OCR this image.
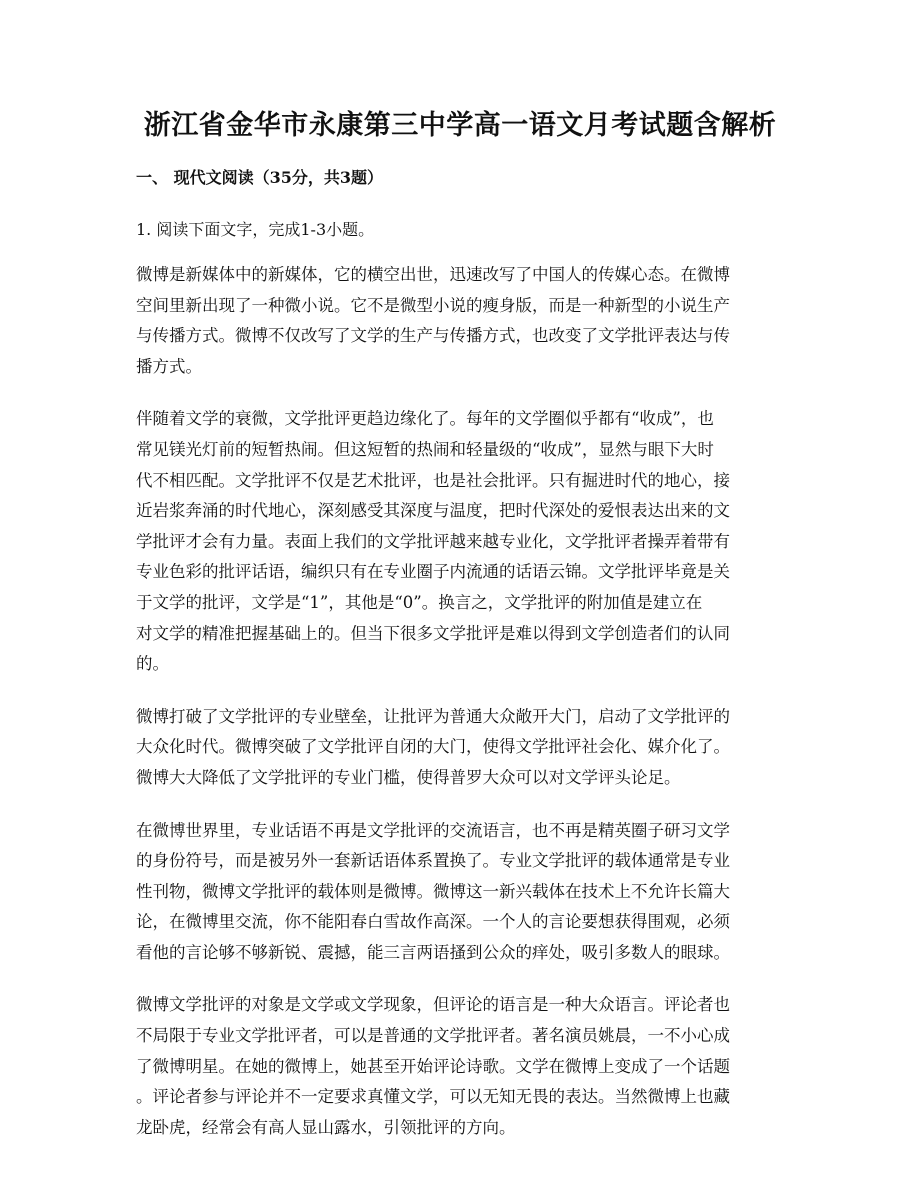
浙江省金华市永康第三中学高一语文月考试题含解析
一、 现代文阅读（35分，共3题）
1. 阅读下面文字，完成1-3小题。
微博是新媒体中的新媒体，它的横空出世，迅速改写了中国人的传媒心态。在微博
空间里新出现了一种微小说。它不是微型小说的瘦身版，而是一种新型的小说生产
与传播方式。微博不仅改写了文学的生产与传播方式，也改变了文学批评表达与传
播方式。
伴随着文学的衰微，文学批评更趋边缘化了。每年的文学圈似乎都有“收成”，也
常见镁光灯前的短暂热闹。但这短暂的热闹和轻量级的“收成”，显然与眼下大时
代不相匹配。文学批评不仅是艺术批评，也是社会批评。只有掘进时代的地心，接
近岩浆奔涌的时代地心，深刻感受其深度与温度，把时代深处的爱恨表达出来的文
学批评才会有力量。表面上我们的文学批评越来越专业化，文学批评者操弄着带有
专业色彩的批评话语，编织只有在专业圈子内流通的话语云锦。文学批评毕竟是关
于文学的批评，文学是“1”，其他是“0”。换言之，文学批评的附加值是建立在
对文学的精准把握基础上的。但当下很多文学批评是难以得到文学创造者们的认同
的。
微博打破了文学批评的专业壁垒，让批评为普通大众敞开大门，启动了文学批评的
大众化时代。微博突破了文学批评自闭的大门，使得文学批评社会化、媒介化了。
微博大大降低了文学批评的专业门槛，使得普罗大众可以对文学评头论足。
在微博世界里，专业话语不再是文学批评的交流语言，也不再是精英圈子研习文学
的身份符号，而是被另外一套新话语体系置换了。专业文学批评的载体通常是专业
性刊物，微博文学批评的载体则是微博。微博这一新兴载体在技术上不允许长篇大
论，在微博里交流，你不能阳春白雪故作高深。一个人的言论要想获得围观，必须
看他的言论够不够新锐、震撼，能三言两语搔到公众的痒处，吸引多数人的眼球。
微博文学批评的对象是文学或文学现象，但评论的语言是一种大众语言。评论者也
不局限于专业文学批评者，可以是普通的文学批评者。著名演员姚晨，一不小心成
了微博明星。在她的微博上，她甚至开始评论诗歌。文学在微博上变成了一个话题
。评论者参与评论并不一定要求真懂文学，可以无知无畏的表达。当然微博上也藏
龙卧虎，经常会有高人显山露水，引领批评的方向。
